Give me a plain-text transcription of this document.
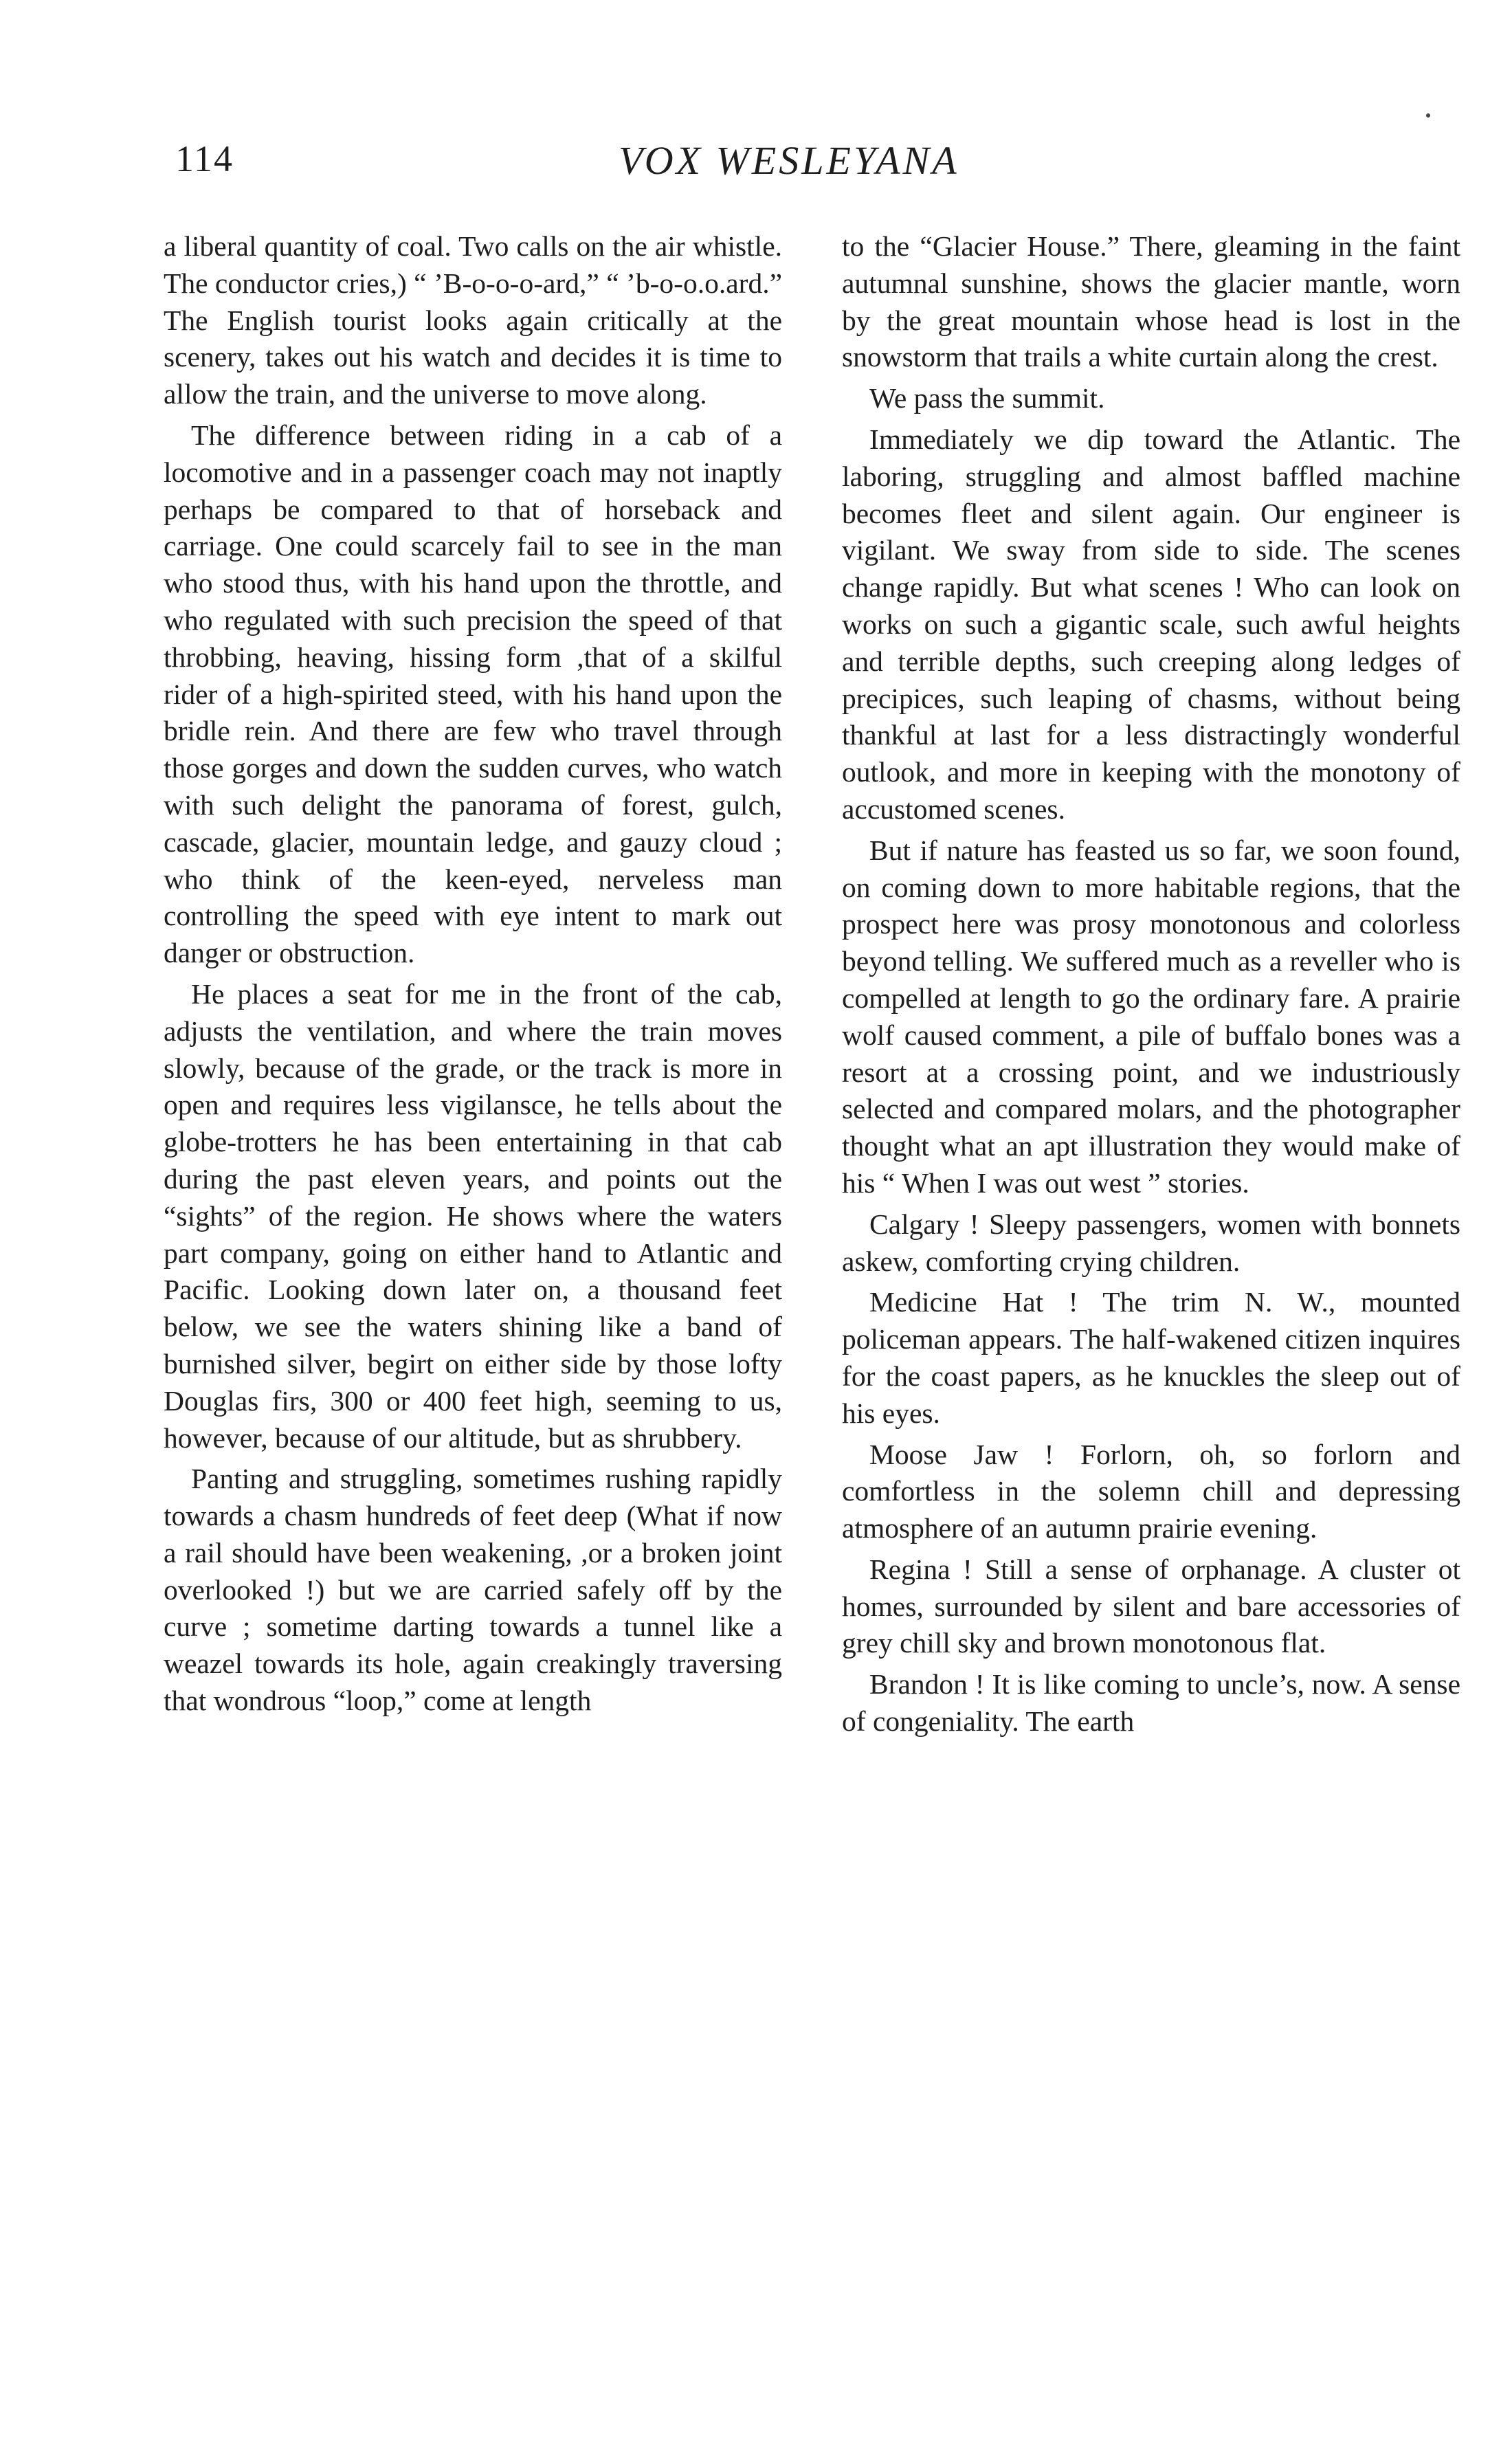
114	VOX WESLEYANA

a liberal quantity of coal. Two calls on the air whistle. The conductor cries,) “ ’B-o-o-o-ard,” “ ’b-o-o.o.ard.” The English tourist looks again critically at the scenery, takes out his watch and decides it is time to allow the train, and the universe to move along.

The difference between riding in a cab of a locomotive and in a passenger coach may not inaptly perhaps be compared to that of horseback and carriage. One could scarcely fail to see in the man who stood thus, with his hand upon the throttle, and who regulated with such precision the speed of that throbbing, heaving, hissing form ,that of a skilful rider of a high-spirited steed, with his hand upon the bridle rein. And there are few who travel through those gorges and down the sudden curves, who watch with such delight the panorama of forest, gulch, cascade, glacier, mountain ledge, and gauzy cloud ; who think of the keen-eyed, nerveless man controlling the speed with eye intent to mark out danger or obstruction.

He places a seat for me in the front of the cab, adjusts the ventilation, and where the train moves slowly, because of the grade, or the track is more in open and requires less vigilansce, he tells about the globe-trotters he has been entertaining in that cab during the past eleven years, and points out the “sights” of the region. He shows where the waters part company, going on either hand to Atlantic and Pacific. Looking down later on, a thousand feet below, we see the waters shining like a band of burnished silver, begirt on either side by those lofty Douglas firs, 300 or 400 feet high, seeming to us, however, because of our altitude, but as shrubbery.

Panting and struggling, sometimes rushing rapidly towards a chasm hundreds of feet deep (What if now a rail should have been weakening, ,or a broken joint overlooked !) but we are carried safely off by the curve ; sometime darting towards a tunnel like a weazel towards its hole, again creakingly traversing that wondrous “loop,” come at length

to the “Glacier House.” There, gleaming in the faint autumnal sunshine, shows the glacier mantle, worn by the great mountain whose head is lost in the snowstorm that trails a white curtain along the crest.

We pass the summit.

Immediately we dip toward the Atlantic. The laboring, struggling and almost baffled machine becomes fleet and silent again. Our engineer is vigilant. We sway from side to side. The scenes change rapidly. But what scenes ! Who can look on works on such a gigantic scale, such awful heights and terrible depths, such creeping along ledges of precipices, such leaping of chasms, without being thankful at last for a less distractingly wonderful outlook, and more in keeping with the monotony of accustomed scenes.

But if nature has feasted us so far, we soon found, on coming down to more habitable regions, that the prospect here was prosy monotonous and colorless beyond telling. We suffered much as a reveller who is compelled at length to go the ordinary fare. A prairie wolf caused comment, a pile of buffalo bones was a resort at a crossing point, and we industriously selected and compared molars, and the photographer thought what an apt illustration they would make of his “ When I was out west ” stories.

Calgary ! Sleepy passengers, women with bonnets askew, comforting crying children.

Medicine Hat ! The trim N. W., mounted policeman appears. The half-wakened citizen inquires for the coast papers, as he knuckles the sleep out of his eyes.

Moose Jaw ! Forlorn, oh, so forlorn and comfortless in the solemn chill and depressing atmosphere of an autumn prairie evening.

Regina ! Still a sense of orphanage. A cluster ot homes, surrounded by silent and bare accessories of grey chill sky and brown monotonous flat.

Brandon ! It is like coming to uncle’s, now. A sense of congeniality. The earth
